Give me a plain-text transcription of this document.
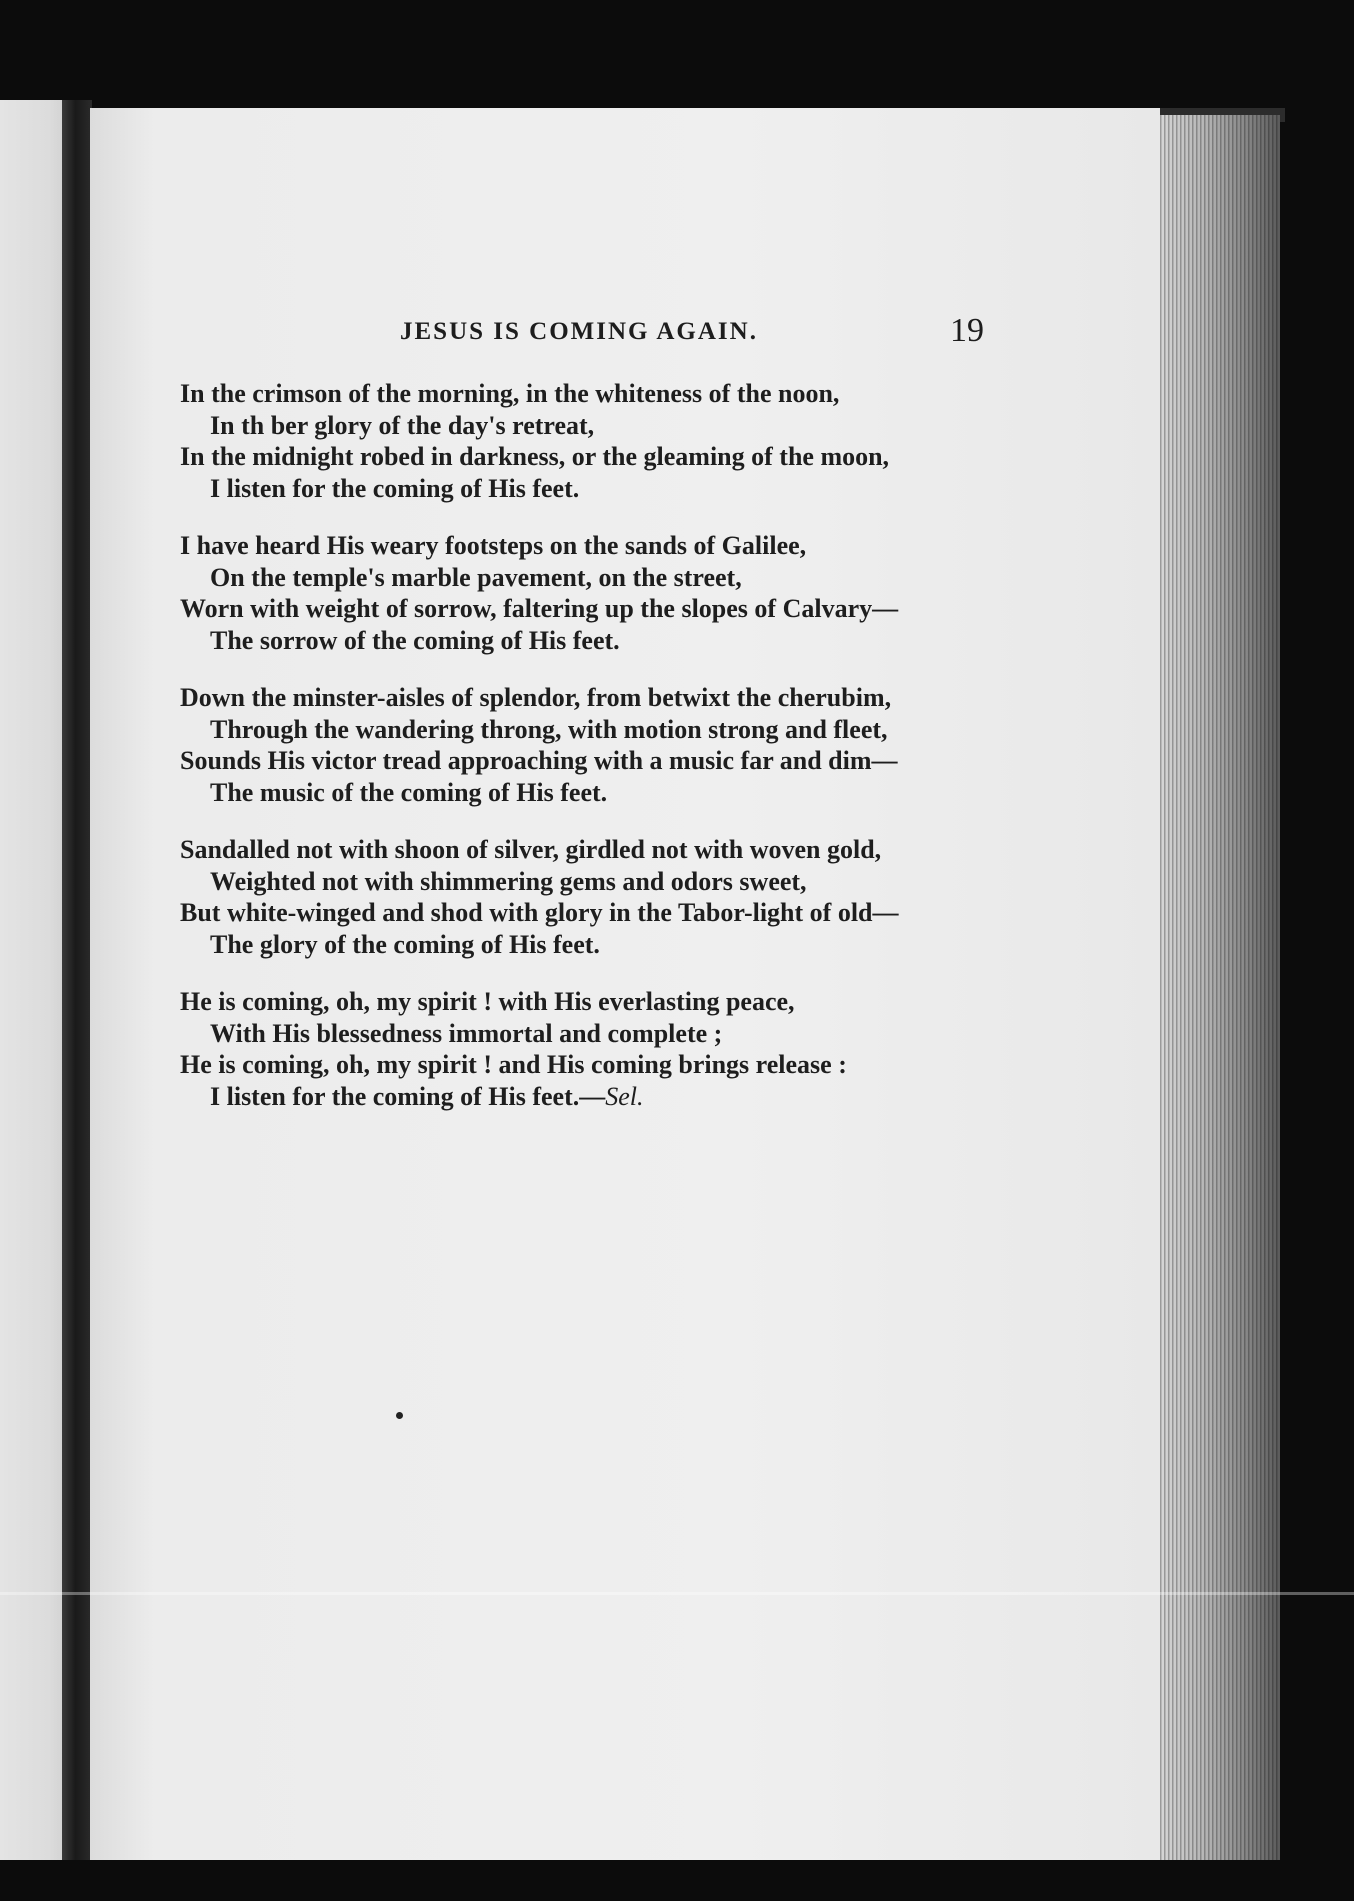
JESUS IS COMING AGAIN.	19
In the crimson of the morning, in the whiteness of the noon,
In th ber glory of the day's retreat,
In the midnight robed in darkness, or the gleaming of the moon,
I listen for the coming of His feet.
I have heard His weary footsteps on the sands of Galilee,
On the temple's marble pavement, on the street,
Worn with weight of sorrow, faltering up the slopes of Calvary—
The sorrow of the coming of His feet.
Down the minster-aisles of splendor, from betwixt the cherubim,
Through the wandering throng, with motion strong and fleet,
Sounds His victor tread approaching with a music far and dim—
The music of the coming of His feet.
Sandalled not with shoon of silver, girdled not with woven gold,
Weighted not with shimmering gems and odors sweet,
But white-winged and shod with glory in the Tabor-light of old—
The glory of the coming of His feet.
He is coming, oh, my spirit ! with His everlasting peace,
With His blessedness immortal and complete ;
He is coming, oh, my spirit ! and His coming brings release :
I listen for the coming of His feet.—Sel.
